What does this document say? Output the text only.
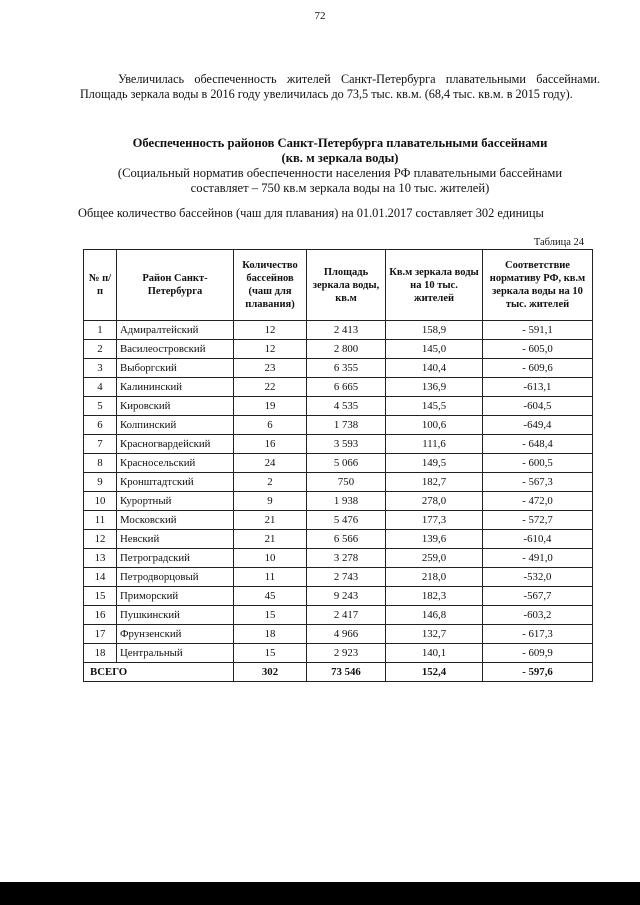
72
Увеличилась обеспеченность жителей Санкт-Петербурга плавательными бассейнами. Площадь зеркала воды в 2016 году увеличилась до 73,5 тыс. кв.м. (68,4 тыс. кв.м. в 2015 году).
Обеспеченность районов Санкт-Петербурга плавательными бассейнами
(кв. м зеркала воды)
(Социальный норматив обеспеченности населения РФ плавательными бассейнами
составляет – 750 кв.м зеркала воды на 10 тыс. жителей)
Общее количество бассейнов (чаш для плавания) на 01.01.2017 составляет 302 единицы
Таблица 24
№ п/п	Район Санкт-Петербурга	Количество бассейнов (чаш для плавания)	Площадь зеркала воды, кв.м	Кв.м зеркала воды на 10 тыс. жителей	Соответствие нормативу РФ, кв.м зеркала воды на 10 тыс. жителей
1	Адмиралтейский	12	2 413	158,9	- 591,1
2	Василеостровский	12	2 800	145,0	- 605,0
3	Выборгский	23	6 355	140,4	- 609,6
4	Калининский	22	6 665	136,9	-613,1
5	Кировский	19	4 535	145,5	-604,5
6	Колпинский	6	1 738	100,6	-649,4
7	Красногвардейский	16	3 593	111,6	- 648,4
8	Красносельский	24	5 066	149,5	- 600,5
9	Кронштадтский	2	750	182,7	- 567,3
10	Курортный	9	1 938	278,0	- 472,0
11	Московский	21	5 476	177,3	- 572,7
12	Невский	21	6 566	139,6	-610,4
13	Петроградский	10	3 278	259,0	- 491,0
14	Петродворцовый	11	2 743	218,0	-532,0
15	Приморский	45	9 243	182,3	-567,7
16	Пушкинский	15	2 417	146,8	-603,2
17	Фрунзенский	18	4 966	132,7	- 617,3
18	Центральный	15	2 923	140,1	- 609,9
ВСЕГО		302	73 546	152,4	- 597,6
